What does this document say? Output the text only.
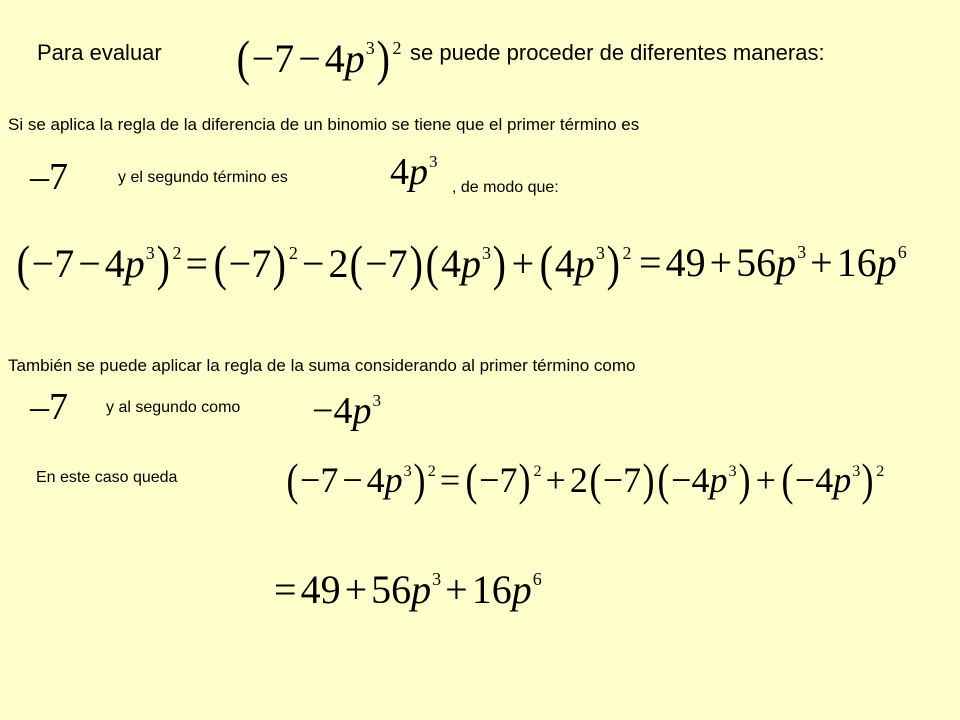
Para evaluar $(-7 - 4p^3)$ $^2$ se puede proceder de diferentes maneras:
Si se aplica la regla de la diferencia de un binomio se tiene que el primer término es
–7	y el segundo término es	$4p^3$
, de modo que:
$(-7 - 4p^3)$ $^2$ = (−7) $^2 - 2(-7)(4p^3) + (4p^3) ^2 = 49 + 56p^3 + 16p^6$
También se puede aplicar la regla de la suma considerando al primer término como
–7 y al segundo como $-4p^3$
En este caso queda $(-7 - 4p^3)$ $^2$ = (−7) $^2 + 2(-7)(-4p^3) + (-4p^3)$ $^2$
= $49 + 56p^3 + 16p^6$
